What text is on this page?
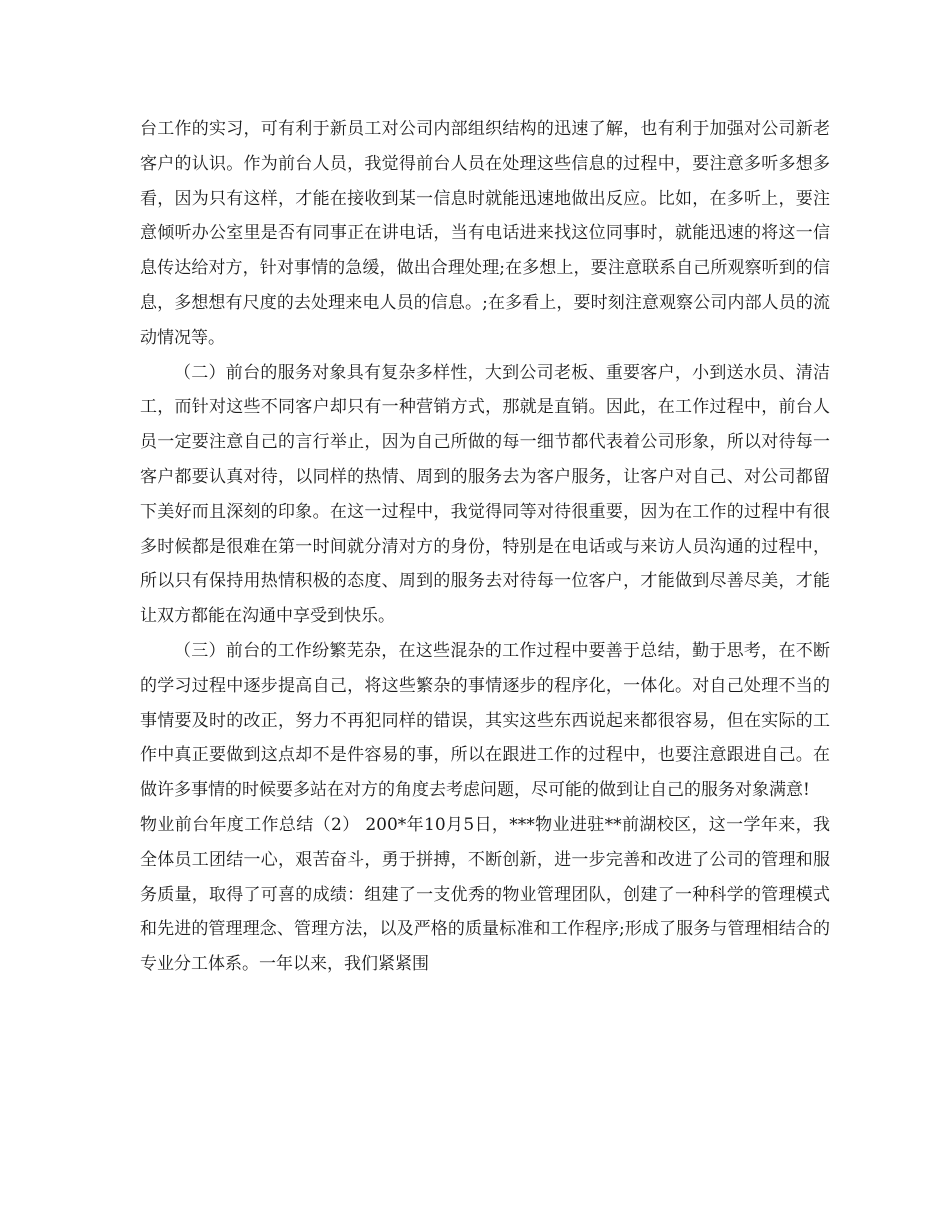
台工作的实习，可有利于新员工对公司内部组织结构的迅速了解，也有利于加强对公司新老客户的认识。作为前台人员，我觉得前台人员在处理这些信息的过程中，要注意多听多想多看，因为只有这样，才能在接收到某一信息时就能迅速地做出反应。比如，在多听上，要注意倾听办公室里是否有同事正在讲电话，当有电话进来找这位同事时，就能迅速的将这一信息传达给对方，针对事情的急缓，做出合理处理;在多想上，要注意联系自己所观察听到的信息，多想想有尺度的去处理来电人员的信息。;在多看上，要时刻注意观察公司内部人员的流动情况等。

（二）前台的服务对象具有复杂多样性，大到公司老板、重要客户，小到送水员、清洁工，而针对这些不同客户却只有一种营销方式，那就是直销。因此，在工作过程中，前台人员一定要注意自己的言行举止，因为自己所做的每一细节都代表着公司形象，所以对待每一客户都要认真对待，以同样的热情、周到的服务去为客户服务，让客户对自己、对公司都留下美好而且深刻的印象。在这一过程中，我觉得同等对待很重要，因为在工作的过程中有很多时候都是很难在第一时间就分清对方的身份，特别是在电话或与来访人员沟通的过程中，所以只有保持用热情积极的态度、周到的服务去对待每一位客户，才能做到尽善尽美，才能让双方都能在沟通中享受到快乐。

（三）前台的工作纷繁芜杂，在这些混杂的工作过程中要善于总结，勤于思考，在不断的学习过程中逐步提高自己，将这些繁杂的事情逐步的程序化，一体化。对自己处理不当的事情要及时的改正，努力不再犯同样的错误，其实这些东西说起来都很容易，但在实际的工作中真正要做到这点却不是件容易的事，所以在跟进工作的过程中，也要注意跟进自己。在做许多事情的时候要多站在对方的角度去考虑问题，尽可能的做到让自己的服务对象满意!

物业前台年度工作总结（2） 200*年10月5日，***物业进驻**前湖校区，这一学年来，我全体员工团结一心，艰苦奋斗，勇于拼搏，不断创新，进一步完善和改进了公司的管理和服务质量，取得了可喜的成绩：组建了一支优秀的物业管理团队，创建了一种科学的管理模式和先进的管理理念、管理方法，以及严格的质量标准和工作程序;形成了服务与管理相结合的专业分工体系。一年以来，我们紧紧围
